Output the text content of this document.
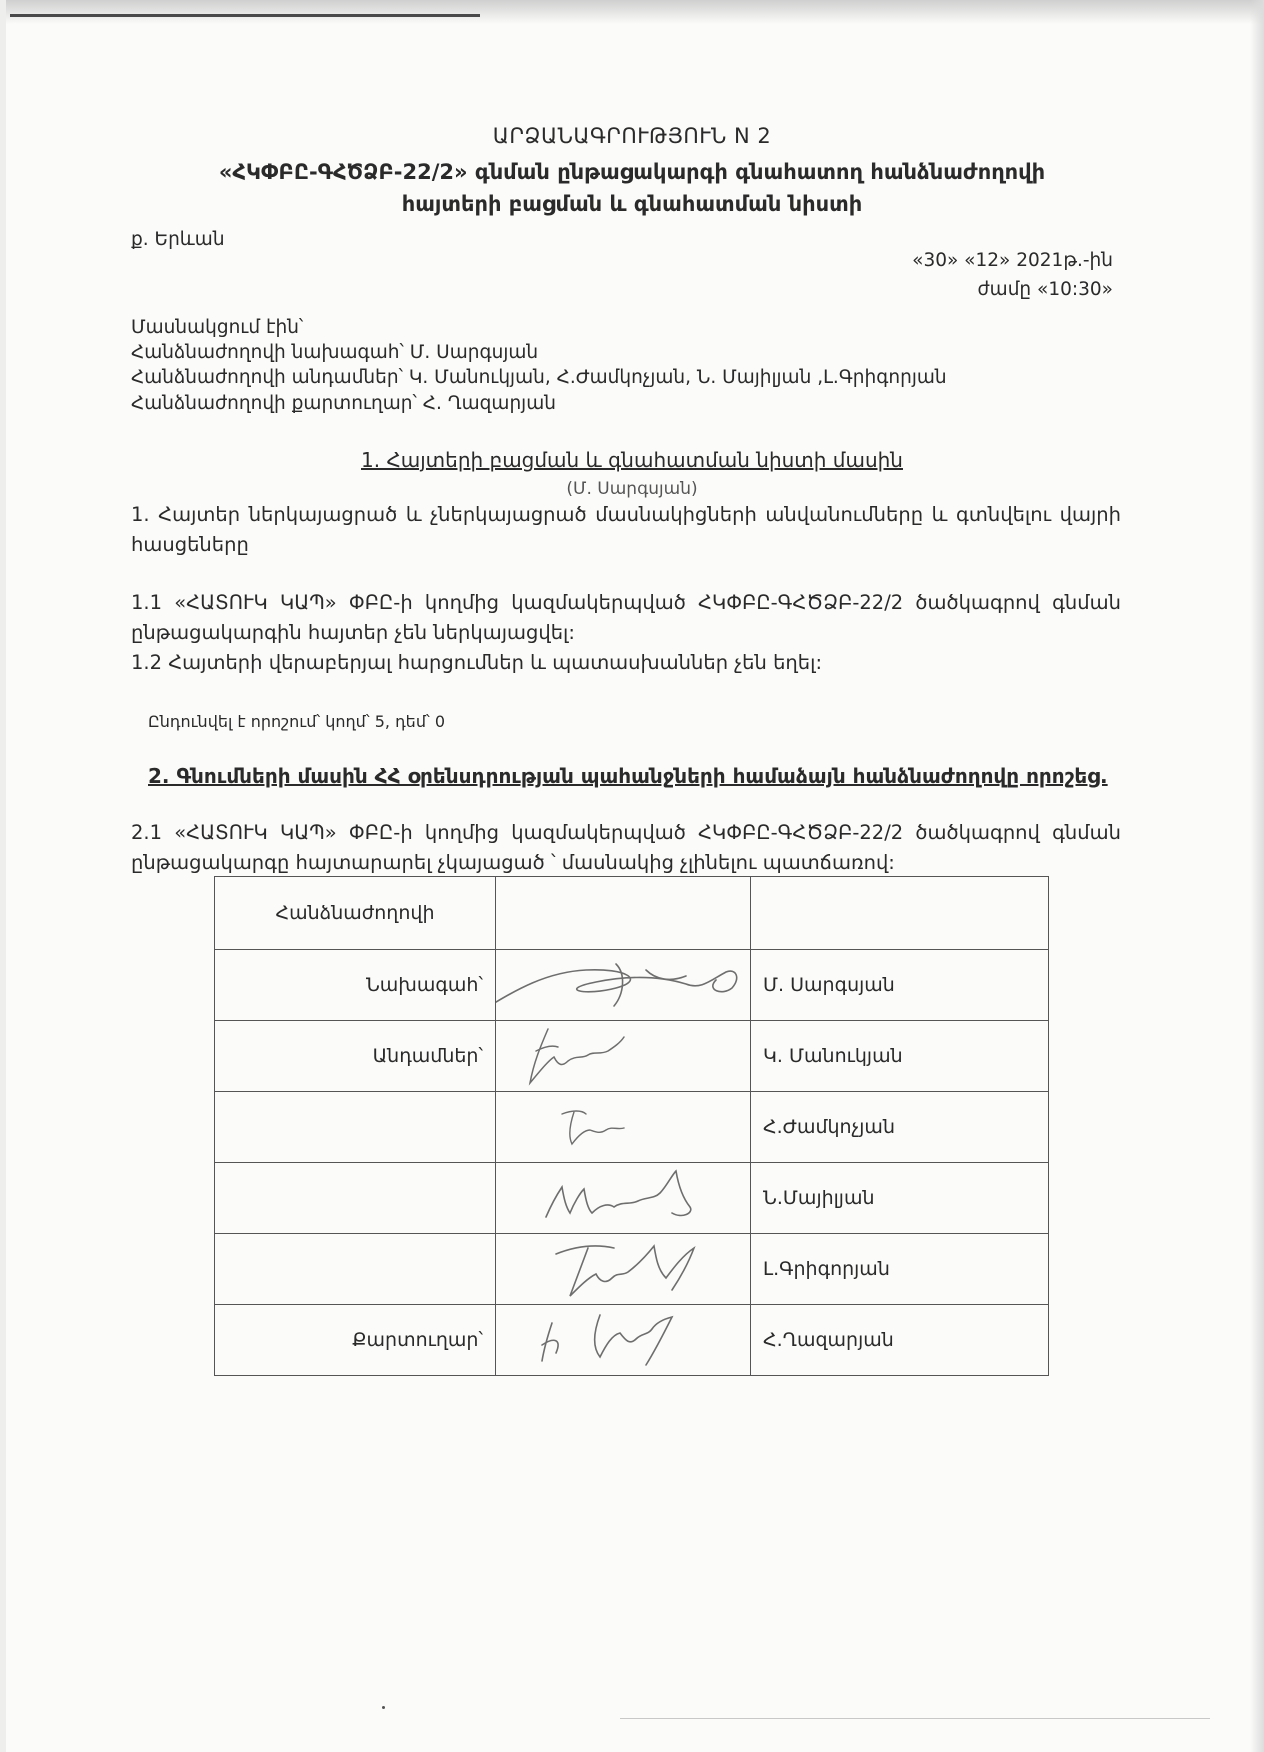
ԱՐՁԱՆԱԳՐՈՒԹՅՈՒՆ N 2
«ՀԿՓԲԸ-ԳՀԾՁԲ-22/2» գնման ընթացակարգի գնահատող հանձնաժողովի
հայտերի բացման և գնահատման նիստի
ք. Երևան
«30» «12» 2021թ.-ին
ժամը «10:30»
Մասնակցում էին՝
Հանձնաժողովի նախագահ՝ Մ. Սարգսյան
Հանձնաժողովի անդամներ՝ Կ. Մանուկյան, Հ.Ժամկոչյան, Ն. Մայիլյան ,Լ.Գրիգորյան
Հանձնաժողովի քարտուղար՝ Հ. Ղազարյան
1. Հայտերի բացման և գնահատման նիստի մասին
(Մ. Սարգսյան)
1. Հայտեր ներկայացրած և չներկայացրած մասնակիցների անվանումները և գտնվելու վայրի հասցեները
1.1 «ՀԱՏՈՒԿ ԿԱՊ» ՓԲԸ-ի կողմից կազմակերպված ՀԿՓԲԸ-ԳՀԾՁԲ-22/2 ծածկագրով գնման ընթացակարգին հայտեր չեն ներկայացվել:
1.2 Հայտերի վերաբերյալ հարցումներ և պատասխաններ չեն եղել:
Ընդունվել է որոշում՝ կողմ՝ 5, դեմ՝ 0
2. Գնումների մասին ՀՀ օրենսդրության պահանջների համաձայն հանձնաժողովը որոշեց.
2.1 «ՀԱՏՈՒԿ ԿԱՊ» ՓԲԸ-ի կողմից կազմակերպված ՀԿՓԲԸ-ԳՀԾՁԲ-22/2 ծածկագրով գնման ընթացակարգը հայտարարել չկայացած ՝ մասնակից չլինելու պատճառով:
Հանձնաժողովի		
Նախագահ՝		Մ. Սարգսյան
Անդամներ՝		Կ. Մանուկյան

	Հ.Ժամկոչյան

	Ն.Մայիլյան

	Լ.Գրիգորյան
Քարտուղար՝		Հ.Ղազարյան
